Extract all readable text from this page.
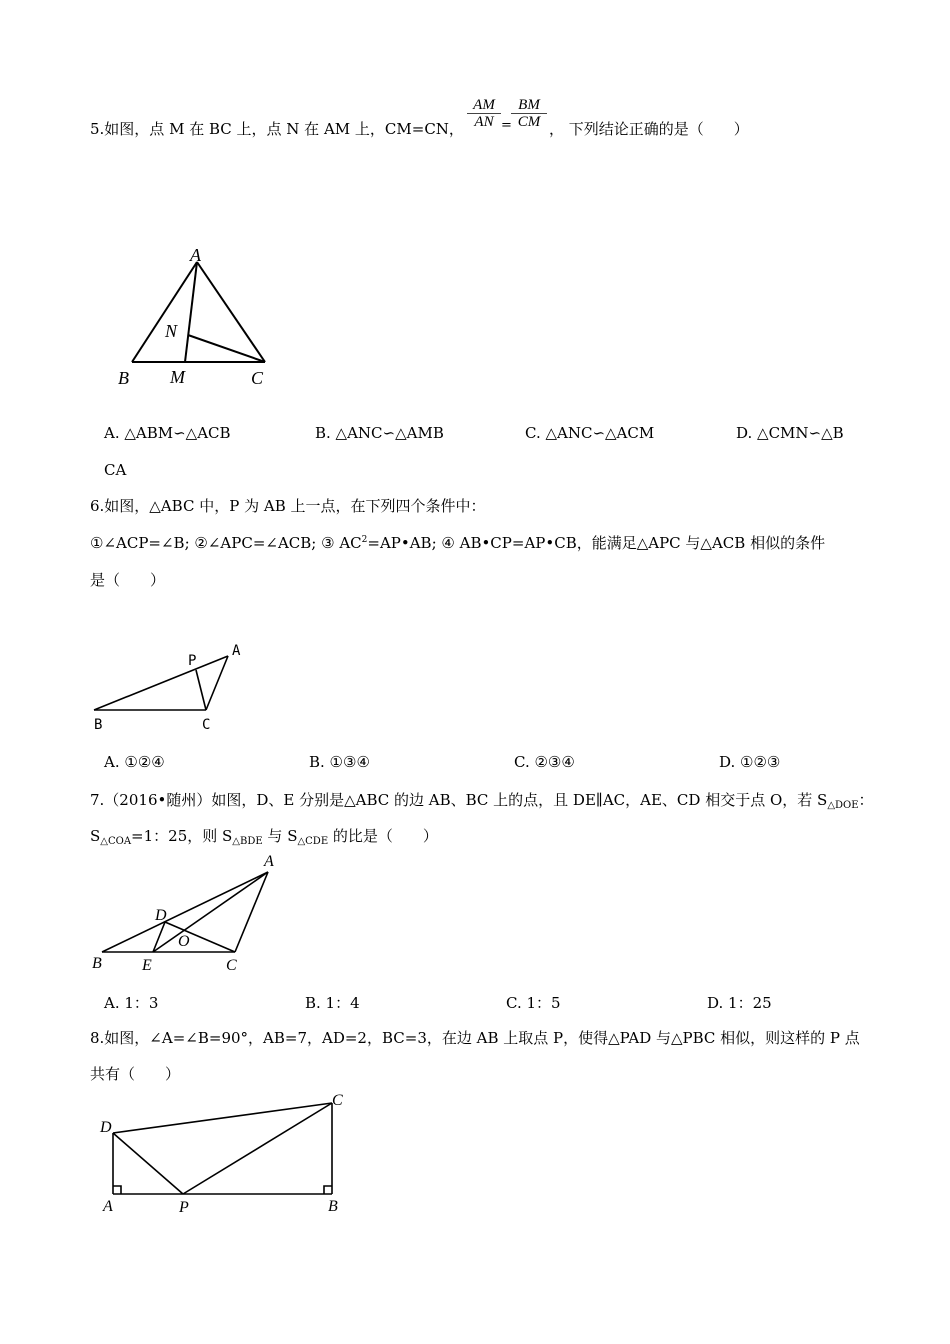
5.如图，点 M 在 BC 上，点 N 在 AM 上，CM=CN， $\frac{AM}{AN} = \frac{BM}{CM}$ ， 下列结论正确的是（　　）
A
N
B M	C
A. △ABM∽△ACB	B. △ANC∽△AMB	C. △ANC∽△ACM	D. △CMN∽△B
CA
6.如图，△ABC 中，P 为 AB 上一点，在下列四个条件中：
①∠ACP=∠B; ②∠APC=∠ACB; ③ $AC^2=AP•AB$; ④ AB•CP=AP•CB，能满足△APC 与△ACB 相似的条件
是（　　）
P
A
B	C
A. ①②④	B. ①③④	C. ②③④	D. ①②③
7.（2016•随州）如图，D、E 分别是△ABC 的边 AB、BC 上的点，且 DE∥AC，AE、CD 相交于点 O，若 $S_{\triangle DOE}$：
$S_{\triangle COA}=1$：25，则 $S_{\triangle BDE}$ 与 $S_{\triangle CDE}$ 的比是（　　）
A
D
O
B	E	C
A. 1：3	B. 1：4	C. 1：5	D. 1：25
8.如图，∠A=∠B=90°，AB=7，AD=2，BC=3，在边 AB 上取点 P，使得△PAD 与△PBC 相似，则这样的 P 点
共有（　　）
D
C
A	P	B
